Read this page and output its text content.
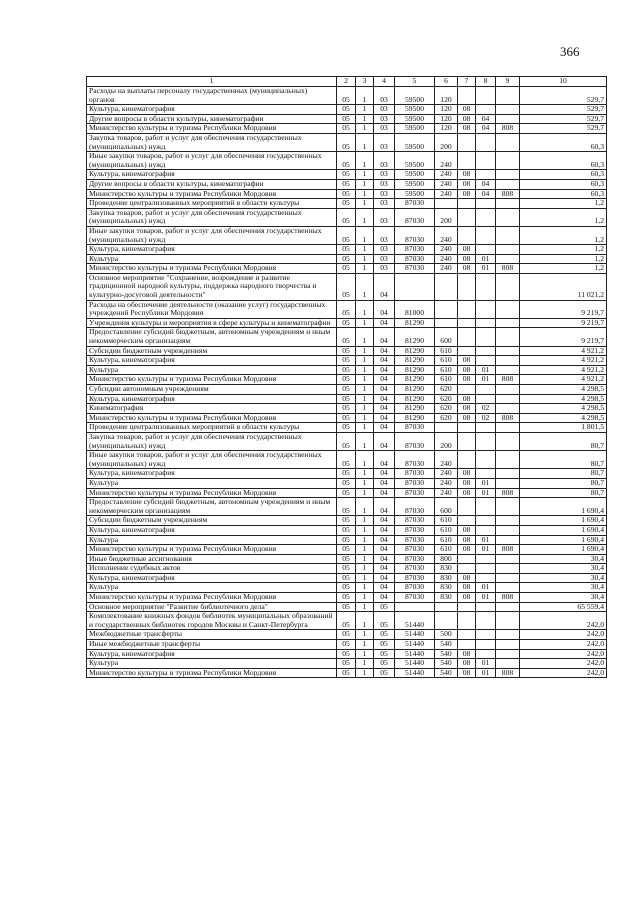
366
1	2	3	4	5	6	7	8	9	10
Расходы на выплаты персоналу государственных (муниципальных) органов	05	1	03	59500	120				529,7
Культура, кинематография	05	1	03	59500	120	08			529,7
Другие вопросы в области культуры, кинематографии	05	1	03	59500	120	08	04		529,7
Министерство культуры и туризма Республики Мордовия	05	1	03	59500	120	08	04	808	529,7
Закупка товаров, работ и услуг для обеспечения государственных (муниципальных) нужд	05	1	03	59500	200				60,3
Иные закупки товаров, работ и услуг для обеспечения государственных (муниципальных) нужд	05	1	03	59500	240				60,3
Культура, кинематография	05	1	03	59500	240	08			60,3
Другие вопросы в области культуры, кинематографии	05	1	03	59500	240	08	04		60,3
Министерство культуры и туризма Республики Мордовия	05	1	03	59500	240	08	04	808	60,3
Проведение централизованных мероприятий в области культуры	05	1	03	87030					1,2
Закупка товаров, работ и услуг для обеспечения государственных (муниципальных) нужд	05	1	03	87030	200				1,2
Иные закупки товаров, работ и услуг для обеспечения государственных (муниципальных) нужд	05	1	03	87030	240				1,2
Культура, кинематография	05	1	03	87030	240	08			1,2
Культура	05	1	03	87030	240	08	01		1,2
Министерство культуры и туризма Республики Мордовия	05	1	03	87030	240	08	01	808	1,2
Основное мероприятие "Сохранение, возрождение и развитие традиционной народной культуры, поддержка народного творчества и культурно-досуговой деятельности"	05	1	04						11 021,2
Расходы на обеспечение деятельности (оказание услуг) государственных учреждений Республики Мордовия	05	1	04	81000					9 219,7
Учреждения культуры и мероприятия в сфере культуры и кинематографии	05	1	04	81290					9 219,7
Предоставление субсидий бюджетным, автономным учреждениям и иным некоммерческим организациям	05	1	04	81290	600				9 219,7
Субсидии бюджетным учреждениям	05	1	04	81290	610				4 921,2
Культура, кинематография	05	1	04	81290	610	08			4 921,2
Культура	05	1	04	81290	610	08	01		4 921,2
Министерство культуры и туризма Республики Мордовия	05	1	04	81290	610	08	01	808	4 921,2
Субсидии автономным учреждениям	05	1	04	81290	620				4 298,5
Культура, кинематография	05	1	04	81290	620	08			4 298,5
Кинематография	05	1	04	81290	620	08	02		4 298,5
Министерство культуры и туризма Республики Мордовия	05	1	04	81290	620	08	02	808	4 298,5
Проведение централизованных мероприятий в области культуры	05	1	04	87030					1 801,5
Закупка товаров, работ и услуг для обеспечения государственных (муниципальных) нужд	05	1	04	87030	200				80,7
Иные закупки товаров, работ и услуг для обеспечения государственных (муниципальных) нужд	05	1	04	87030	240				80,7
Культура, кинематография	05	1	04	87030	240	08			80,7
Культура	05	1	04	87030	240	08	01		80,7
Министерство культуры и туризма Республики Мордовия	05	1	04	87030	240	08	01	808	80,7
Предоставление субсидий бюджетным, автономным учреждениям и иным некоммерческим организациям	05	1	04	87030	600				1 690,4
Субсидии бюджетным учреждениям	05	1	04	87030	610				1 690,4
Культура, кинематография	05	1	04	87030	610	08			1 690,4
Культура	05	1	04	87030	610	08	01		1 690,4
Министерство культуры и туризма Республики Мордовия	05	1	04	87030	610	08	01	808	1 690,4
Иные бюджетные ассигнования	05	1	04	87030	800				30,4
Исполнение судебных актов	05	1	04	87030	830				30,4
Культура, кинематография	05	1	04	87030	830	08			30,4
Культура	05	1	04	87030	830	08	01		30,4
Министерство культуры и туризма Республики Мордовия	05	1	04	87030	830	08	01	808	30,4
Основное мероприятие "Развитие библиотечного дела"	05	1	05						65 559,4
Комплектование книжных фондов библиотек муниципальных образований и государственных библиотек городов Москвы и Санкт-Петербурга	05	1	05	51440					242,0
Межбюджетные трансферты	05	1	05	51440	500				242,0
Иные межбюджетные трансферты	05	1	05	51440	540				242,0
Культура, кинематография	05	1	05	51440	540	08			242,0
Культура	05	1	05	51440	540	08	01		242,0
Министерство культуры и туризма Республики Мордовия	05	1	05	51440	540	08	01	808	242,0
